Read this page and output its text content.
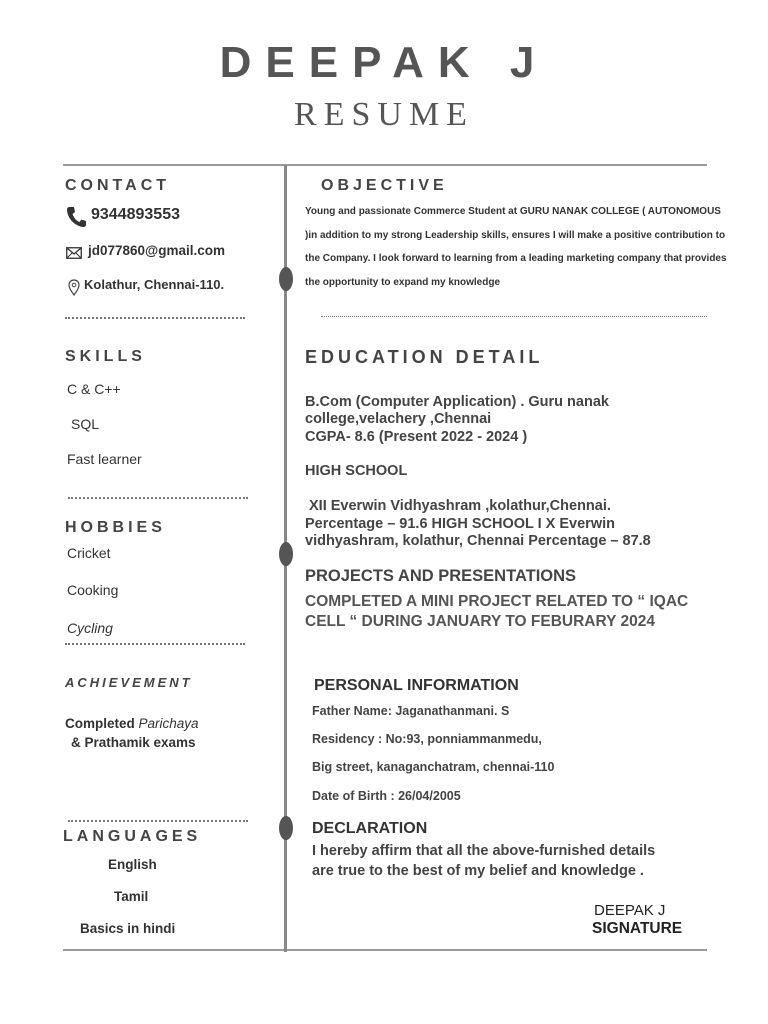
DEEPAK J
RESUME
CONTACT
9344893553
jd077860@gmail.com
Kolathur, Chennai-110.
SKILLS
C & C++
SQL
Fast learner
HOBBIES
Cricket
Cooking
Cycling
ACHIEVEMENT
Completed Parichaya
& Prathamik exams
LANGUAGES
English
Tamil
Basics in hindi
OBJECTIVE
Young and passionate Commerce Student at GURU NANAK COLLEGE ( AUTONOMOUS )in addition to my strong Leadership skills, ensures I will make a positive contribution to the Company. I look forward to learning from a leading marketing company that provides the opportunity to expand my knowledge
EDUCATION DETAIL
B.Com (Computer Application) . Guru nanak
college,velachery ,Chennai
CGPA- 8.6 (Present 2022 - 2024 )
HIGH SCHOOL
XII Everwin Vidhyashram ,kolathur,Chennai.
Percentage – 91.6 HIGH SCHOOL I X Everwin
vidhyashram, kolathur, Chennai Percentage – 87.8
PROJECTS AND PRESENTATIONS
COMPLETED A MINI PROJECT RELATED TO “ IQAC
CELL “ DURING JANUARY TO FEBURARY 2024
PERSONAL INFORMATION
Father Name: Jaganathanmani. S
Residency : No:93, ponniammanmedu,
Big street, kanaganchatram, chennai-110
Date of Birth : 26/04/2005
DECLARATION
I hereby affirm that all the above-furnished details
are true to the best of my belief and knowledge .
DEEPAK J
SIGNATURE
